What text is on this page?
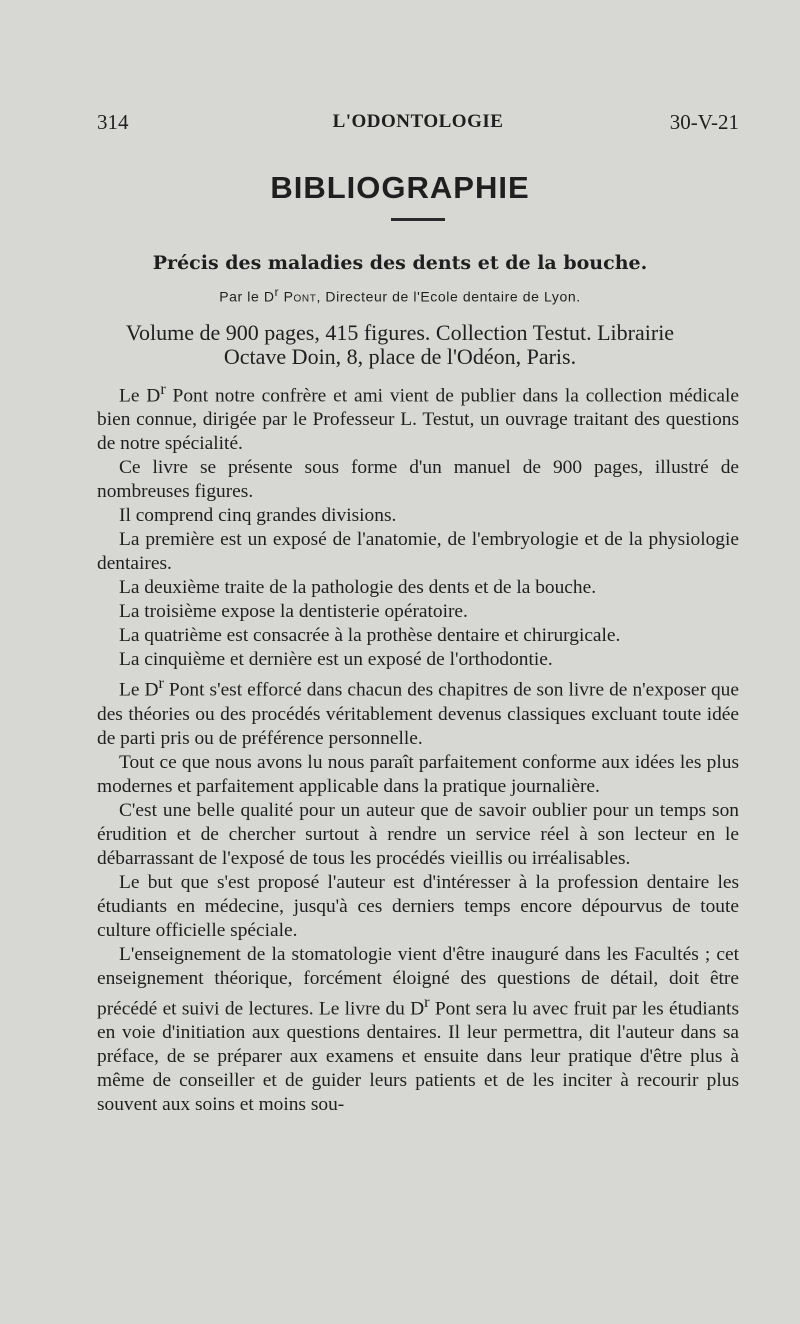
314	L'ODONTOLOGIE	30-V-21
BIBLIOGRAPHIE
Précis des maladies des dents et de la bouche.
Par le $D^r$ Pont, Directeur de l'Ecole dentaire de Lyon.
Volume de 900 pages, 415 figures. Collection Testut. Librairie
Octave Doin, 8, place de l'Odéon, Paris.

Le $D^r$ Pont notre confrère et ami vient de publier dans la collection médicale bien connue, dirigée par le Professeur L. Testut, un ouvrage traitant des questions de notre spécialité.

Ce livre se présente sous forme d'un manuel de 900 pages, illustré de nombreuses figures.

Il comprend cinq grandes divisions.

La première est un exposé de l'anatomie, de l'embryologie et de la physiologie dentaires.

La deuxième traite de la pathologie des dents et de la bouche.

La troisième expose la dentisterie opératoire.

La quatrième est consacrée à la prothèse dentaire et chirurgicale.

La cinquième et dernière est un exposé de l'orthodontie.

Le $D^r$ Pont s'est efforcé dans chacun des chapitres de son livre de n'exposer que des théories ou des procédés véritablement devenus classiques excluant toute idée de parti pris ou de préférence personnelle.

Tout ce que nous avons lu nous paraît parfaitement conforme aux idées les plus modernes et parfaitement applicable dans la pratique journalière.

C'est une belle qualité pour un auteur que de savoir oublier pour un temps son érudition et de chercher surtout à rendre un service réel à son lecteur en le débarrassant de l'exposé de tous les procédés vieillis ou irréalisables.

Le but que s'est proposé l'auteur est d'intéresser à la profession dentaire les étudiants en médecine, jusqu'à ces derniers temps encore dépourvus de toute culture officielle spéciale.

L'enseignement de la stomatologie vient d'être inauguré dans les Facultés ; cet enseignement théorique, forcément éloigné des questions de détail, doit être précédé et suivi de lectures. Le livre du $D^r$ Pont sera lu avec fruit par les étudiants en voie d'initiation aux questions dentaires. Il leur permettra, dit l'auteur dans sa préface, de se préparer aux examens et ensuite dans leur pratique d'être plus à même de conseiller et de guider leurs patients et de les inciter à recourir plus souvent aux soins et moins sou-
